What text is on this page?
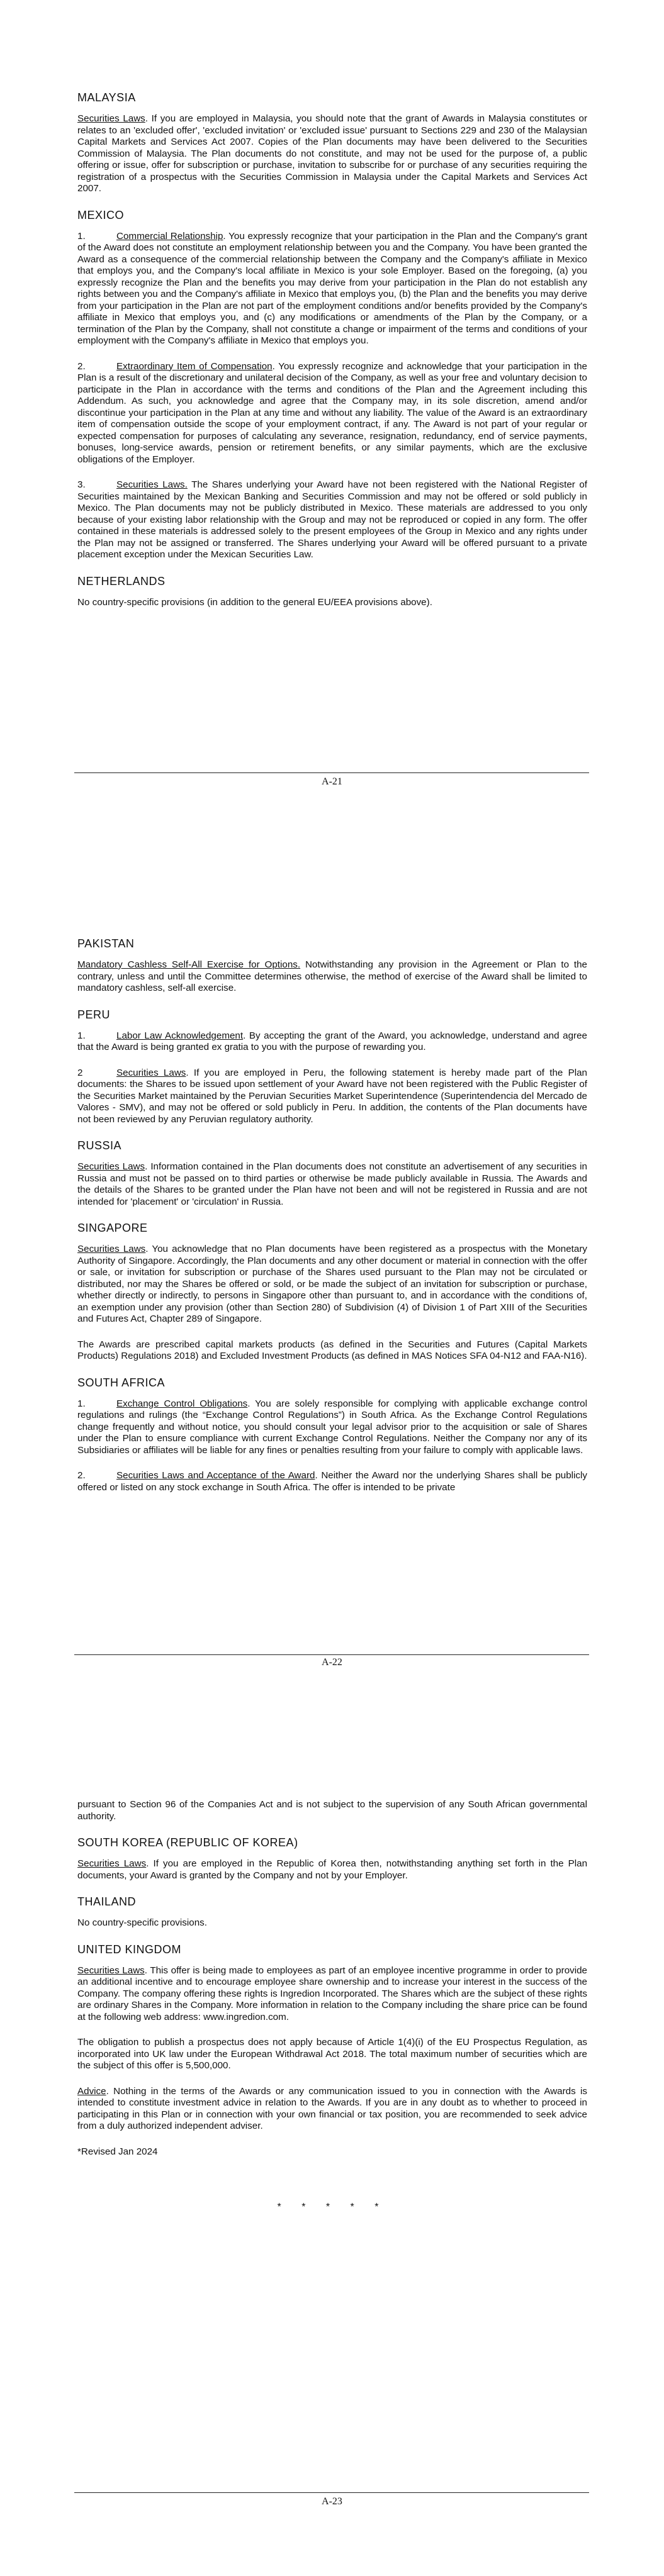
MALAYSIA

Securities Laws. If you are employed in Malaysia, you should note that the grant of Awards in Malaysia constitutes or relates to an 'excluded offer', 'excluded invitation' or 'excluded issue' pursuant to Sections 229 and 230 of the Malaysian Capital Markets and Services Act 2007. Copies of the Plan documents may have been delivered to the Securities Commission of Malaysia. The Plan documents do not constitute, and may not be used for the purpose of, a public offering or issue, offer for subscription or purchase, invitation to subscribe for or purchase of any securities requiring the registration of a prospectus with the Securities Commission in Malaysia under the Capital Markets and Services Act 2007.

MEXICO

1.	Commercial Relationship. You expressly recognize that your participation in the Plan and the Company's grant of the Award does not constitute an employment relationship between you and the Company. You have been granted the Award as a consequence of the commercial relationship between the Company and the Company's affiliate in Mexico that employs you, and the Company's local affiliate in Mexico is your sole Employer. Based on the foregoing, (a) you expressly recognize the Plan and the benefits you may derive from your participation in the Plan do not establish any rights between you and the Company's affiliate in Mexico that employs you, (b) the Plan and the benefits you may derive from your participation in the Plan are not part of the employment conditions and/or benefits provided by the Company's affiliate in Mexico that employs you, and (c) any modifications or amendments of the Plan by the Company, or a termination of the Plan by the Company, shall not constitute a change or impairment of the terms and conditions of your employment with the Company's affiliate in Mexico that employs you.

2.	Extraordinary Item of Compensation. You expressly recognize and acknowledge that your participation in the Plan is a result of the discretionary and unilateral decision of the Company, as well as your free and voluntary decision to participate in the Plan in accordance with the terms and conditions of the Plan and the Agreement including this Addendum. As such, you acknowledge and agree that the Company may, in its sole discretion, amend and/or discontinue your participation in the Plan at any time and without any liability. The value of the Award is an extraordinary item of compensation outside the scope of your employment contract, if any. The Award is not part of your regular or expected compensation for purposes of calculating any severance, resignation, redundancy, end of service payments, bonuses, long-service awards, pension or retirement benefits, or any similar payments, which are the exclusive obligations of the Employer.

3.	Securities Laws. The Shares underlying your Award have not been registered with the National Register of Securities maintained by the Mexican Banking and Securities Commission and may not be offered or sold publicly in Mexico. The Plan documents may not be publicly distributed in Mexico. These materials are addressed to you only because of your existing labor relationship with the Group and may not be reproduced or copied in any form. The offer contained in these materials is addressed solely to the present employees of the Group in Mexico and any rights under the Plan may not be assigned or transferred. The Shares underlying your Award will be offered pursuant to a private placement exception under the Mexican Securities Law.

NETHERLANDS

No country-specific provisions (in addition to the general EU/EEA provisions above).

A-21
PAKISTAN

Mandatory Cashless Self-All Exercise for Options. Notwithstanding any provision in the Agreement or Plan to the contrary, unless and until the Committee determines otherwise, the method of exercise of the Award shall be limited to mandatory cashless, self-all exercise.

PERU

1.	Labor Law Acknowledgement. By accepting the grant of the Award, you acknowledge, understand and agree that the Award is being granted ex gratia to you with the purpose of rewarding you.

2	Securities Laws. If you are employed in Peru, the following statement is hereby made part of the Plan documents: the Shares to be issued upon settlement of your Award have not been registered with the Public Register of the Securities Market maintained by the Peruvian Securities Market Superintendence (Superintendencia del Mercado de Valores - SMV), and may not be offered or sold publicly in Peru. In addition, the contents of the Plan documents have not been reviewed by any Peruvian regulatory authority.

RUSSIA

Securities Laws. Information contained in the Plan documents does not constitute an advertisement of any securities in Russia and must not be passed on to third parties or otherwise be made publicly available in Russia. The Awards and the details of the Shares to be granted under the Plan have not been and will not be registered in Russia and are not intended for 'placement' or 'circulation' in Russia.

SINGAPORE

Securities Laws. You acknowledge that no Plan documents have been registered as a prospectus with the Monetary Authority of Singapore. Accordingly, the Plan documents and any other document or material in connection with the offer or sale, or invitation for subscription or purchase of the Shares used pursuant to the Plan may not be circulated or distributed, nor may the Shares be offered or sold, or be made the subject of an invitation for subscription or purchase, whether directly or indirectly, to persons in Singapore other than pursuant to, and in accordance with the conditions of, an exemption under any provision (other than Section 280) of Subdivision (4) of Division 1 of Part XIII of the Securities and Futures Act, Chapter 289 of Singapore.

The Awards are prescribed capital markets products (as defined in the Securities and Futures (Capital Markets Products) Regulations 2018) and Excluded Investment Products (as defined in MAS Notices SFA 04-N12 and FAA-N16).

SOUTH AFRICA

1.	Exchange Control Obligations. You are solely responsible for complying with applicable exchange control regulations and rulings (the “Exchange Control Regulations”) in South Africa. As the Exchange Control Regulations change frequently and without notice, you should consult your legal advisor prior to the acquisition or sale of Shares under the Plan to ensure compliance with current Exchange Control Regulations. Neither the Company nor any of its Subsidiaries or affiliates will be liable for any fines or penalties resulting from your failure to comply with applicable laws.

2.	Securities Laws and Acceptance of the Award. Neither the Award nor the underlying Shares shall be publicly offered or listed on any stock exchange in South Africa. The offer is intended to be private

A-22

pursuant to Section 96 of the Companies Act and is not subject to the supervision of any South African governmental authority.

SOUTH KOREA (REPUBLIC OF KOREA)

Securities Laws. If you are employed in the Republic of Korea then, notwithstanding anything set forth in the Plan documents, your Award is granted by the Company and not by your Employer.

THAILAND

No country-specific provisions.

UNITED KINGDOM

Securities Laws. This offer is being made to employees as part of an employee incentive programme in order to provide an additional incentive and to encourage employee share ownership and to increase your interest in the success of the Company. The company offering these rights is Ingredion Incorporated. The Shares which are the subject of these rights are ordinary Shares in the Company. More information in relation to the Company including the share price can be found at the following web address: www.ingredion.com.

The obligation to publish a prospectus does not apply because of Article 1(4)(i) of the EU Prospectus Regulation, as incorporated into UK law under the European Withdrawal Act 2018. The total maximum number of securities which are the subject of this offer is 5,500,000.

Advice. Nothing in the terms of the Awards or any communication issued to you in connection with the Awards is intended to constitute investment advice in relation to the Awards. If you are in any doubt as to whether to proceed in participating in this Plan or in connection with your own financial or tax position, you are recommended to seek advice from a duly authorized independent adviser.

*Revised Jan 2024

* * * * *
A-23
